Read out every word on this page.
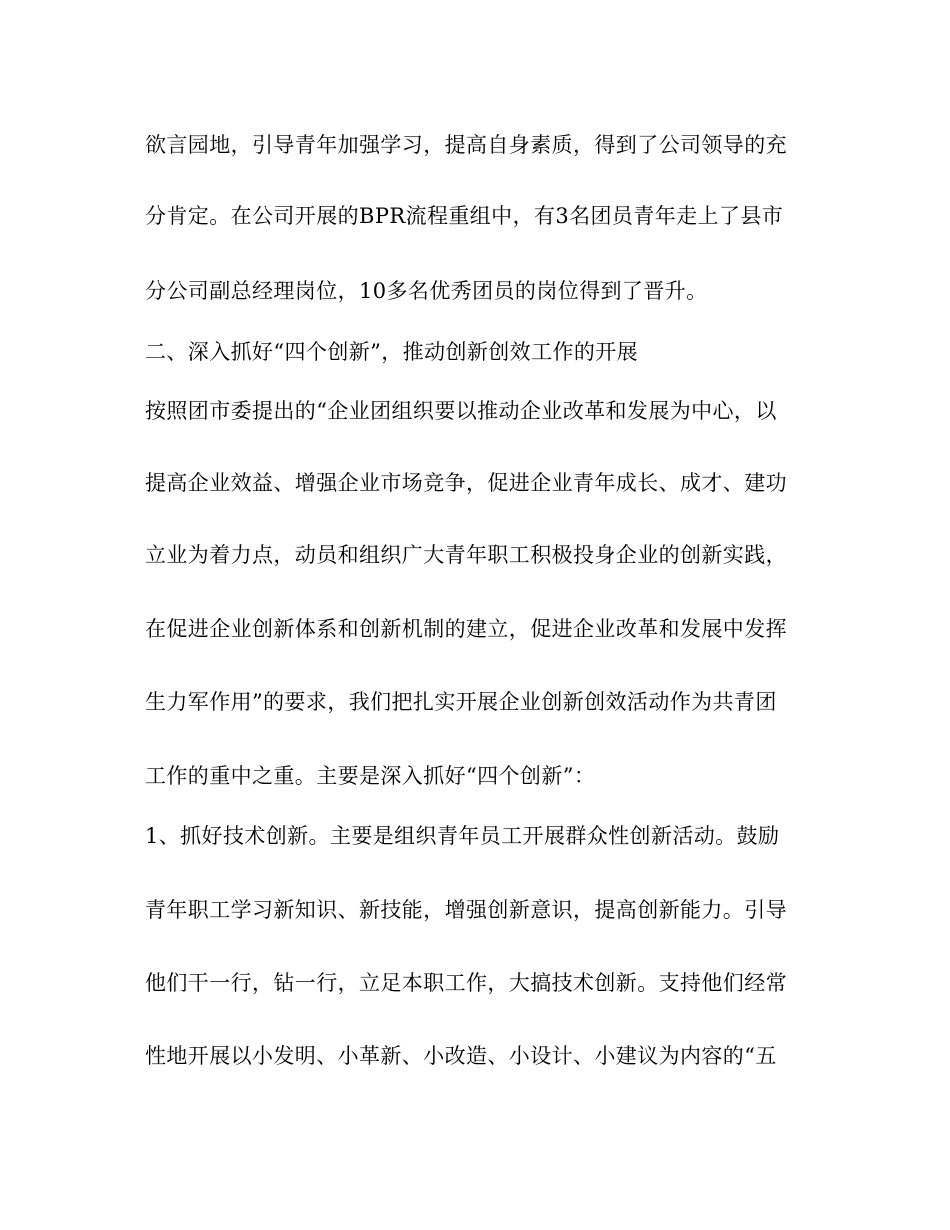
欲言园地，引导青年加强学习，提高自身素质，得到了公司领导的充
分肯定。在公司开展的BPR流程重组中，有3名团员青年走上了县市
分公司副总经理岗位，10多名优秀团员的岗位得到了晋升。
二、深入抓好“四个创新”，推动创新创效工作的开展
按照团市委提出的“企业团组织要以推动企业改革和发展为中心，以
提高企业效益、增强企业市场竞争，促进企业青年成长、成才、建功
立业为着力点，动员和组织广大青年职工积极投身企业的创新实践，
在促进企业创新体系和创新机制的建立，促进企业改革和发展中发挥
生力军作用”的要求，我们把扎实开展企业创新创效活动作为共青团
工作的重中之重。主要是深入抓好“四个创新”：
1、抓好技术创新。主要是组织青年员工开展群众性创新活动。鼓励
青年职工学习新知识、新技能，增强创新意识，提高创新能力。引导
他们干一行，钻一行，立足本职工作，大搞技术创新。支持他们经常
性地开展以小发明、小革新、小改造、小设计、小建议为内容的“五
